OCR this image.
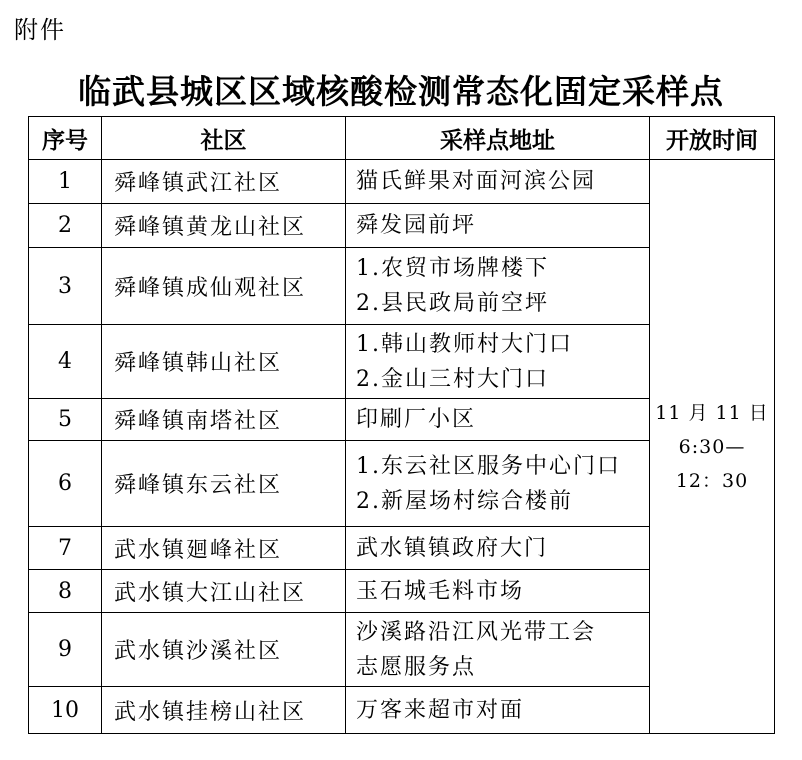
附件
临武县城区区域核酸检测常态化固定采样点
序号	社区	采样点地址	开放时间
1	舜峰镇武江社区	猫氏鲜果对面河滨公园	11 月 11 日
6:30—
12：30

2	舜峰镇黄龙山社区	舜发园前坪	

3	舜峰镇成仙观社区	1.农贸市场牌楼下
2.县民政局前空坪	

4	舜峰镇韩山社区	1.韩山教师村大门口
2.金山三村大门口	

5	舜峰镇南塔社区	印刷厂小区	

6	舜峰镇东云社区	1.东云社区服务中心门口
2.新屋场村综合楼前	

7	武水镇廻峰社区	武水镇镇政府大门	

8	武水镇大江山社区	玉石城毛料市场	

9	武水镇沙溪社区	沙溪路沿江风光带工会
志愿服务点	

10	武水镇挂榜山社区	万客来超市对面	
